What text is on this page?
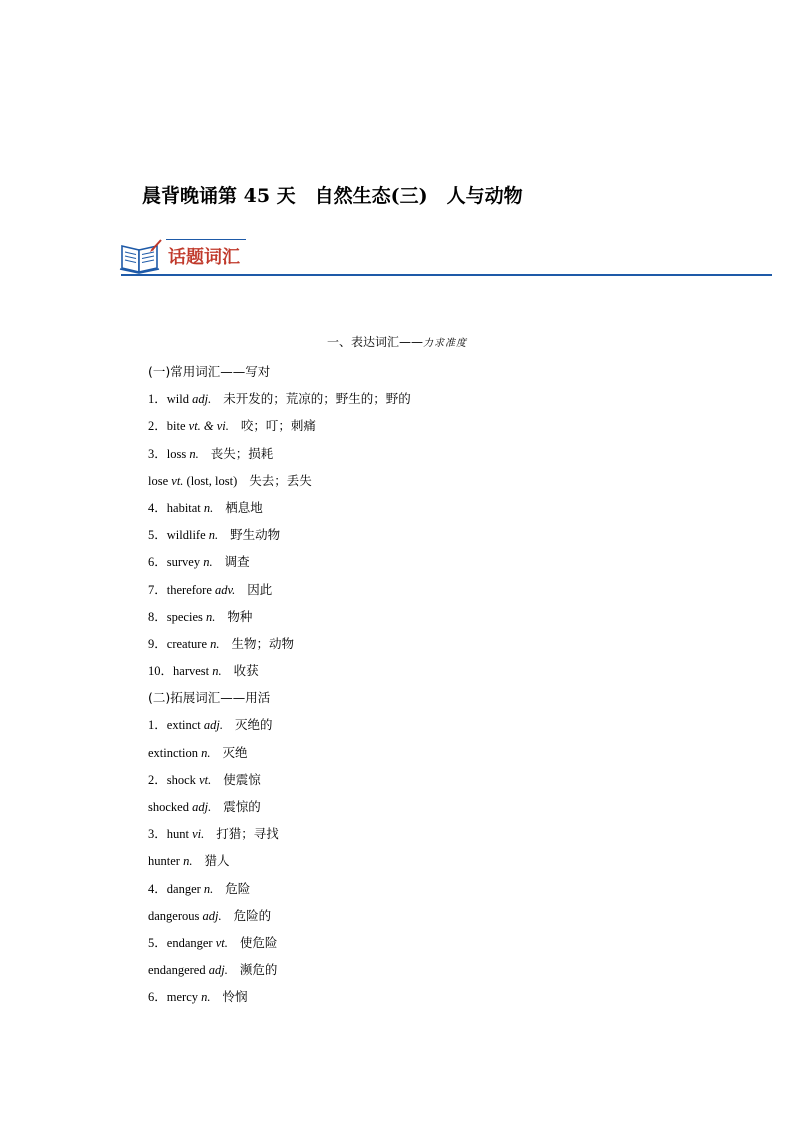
晨背晚诵第 45 天　自然生态(三)　人与动物
话题词汇
一、表达词汇——力求准度
(一)常用词汇——写对
1．wild adj. 未开发的；荒凉的；野生的；野的
2．bite vt. & vi. 咬；叮；刺痛
3．loss n. 丧失；损耗
lose vt. (lost, lost) 失去；丢失
4．habitat n. 栖息地
5．wildlife n. 野生动物
6．survey n. 调查
7．therefore adv. 因此
8．species n. 物种
9．creature n. 生物；动物
10．harvest n. 收获
(二)拓展词汇——用活
1．extinct adj. 灭绝的
extinction n. 灭绝
2．shock vt. 使震惊
shocked adj. 震惊的
3．hunt vi. 打猎；寻找
hunter n. 猎人
4．danger n. 危险
dangerous adj. 危险的
5．endanger vt. 使危险
endangered adj. 濒危的
6．mercy n. 怜悯
